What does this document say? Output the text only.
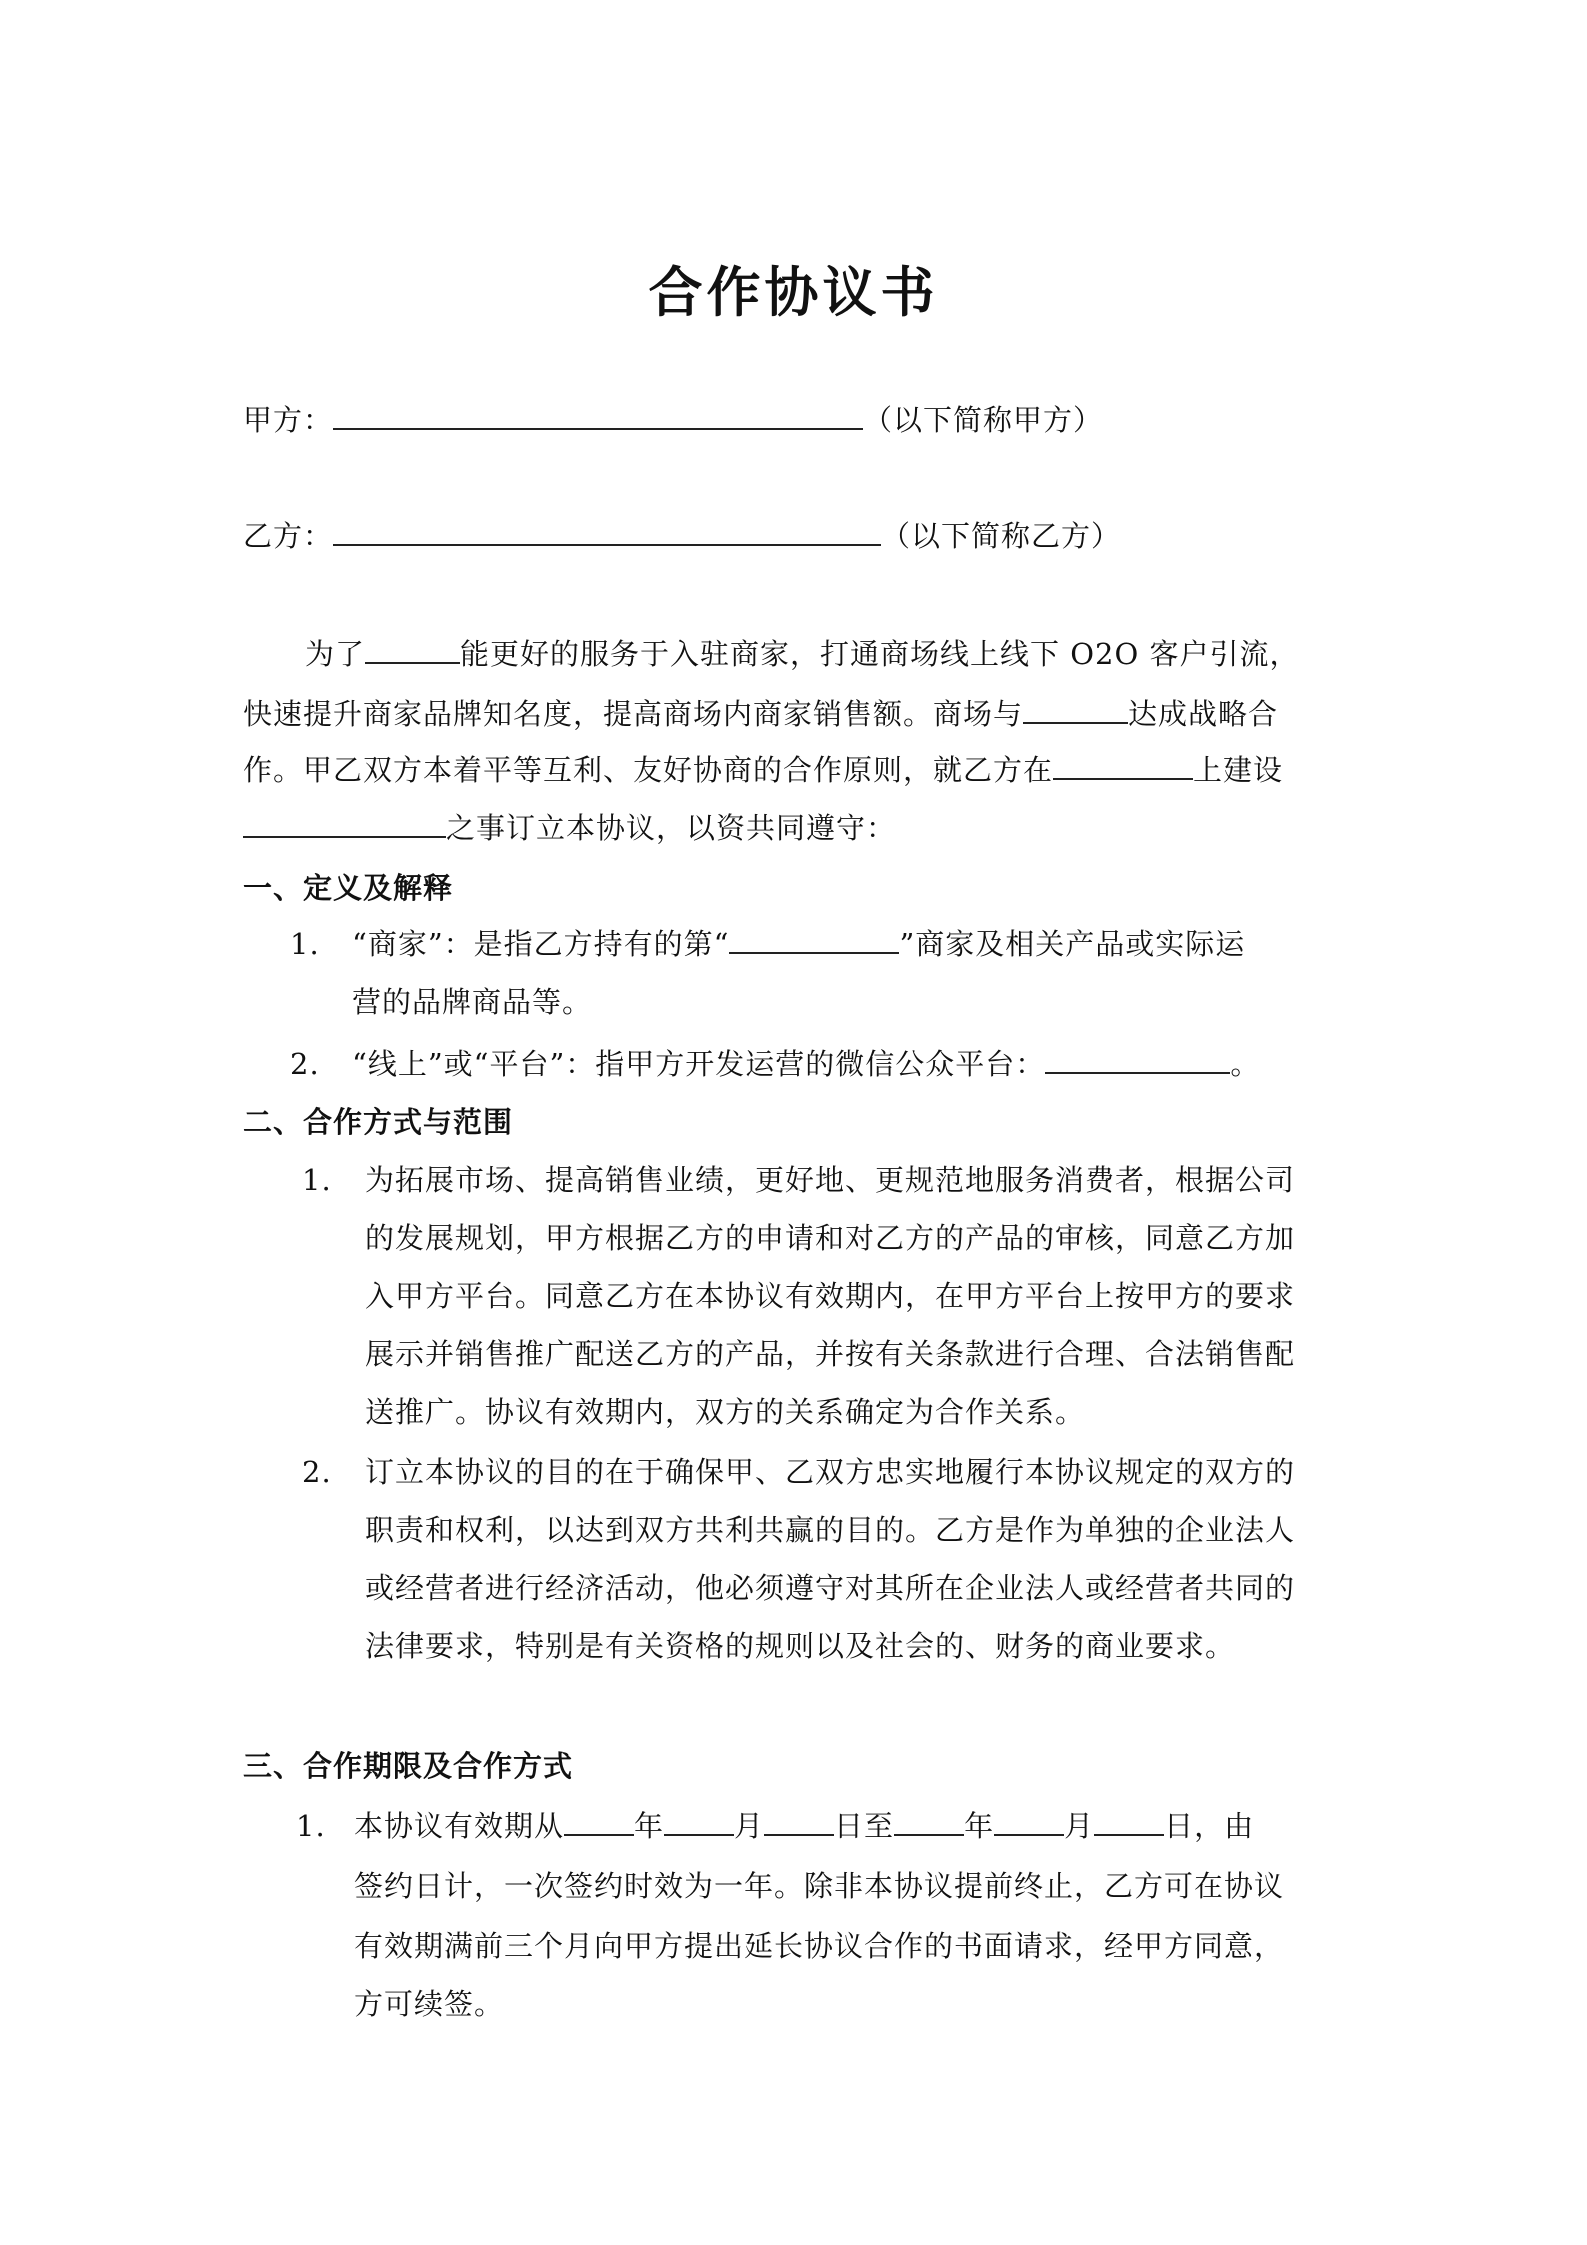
合作协议书
甲方：	（以下简称甲方）
乙方：	（以下简称乙方）
为了	能更好的服务于入驻商家，打通商场线上线下 O2O 客户引流，
快速提升商家品牌知名度，提高商场内商家销售额。商场与	达成战略合
作。甲乙双方本着平等互利、友好协商的合作原则，就乙方在	上建设
之事订立本协议，以资共同遵守：
一、定义及解释
1. “商家”：是指乙方持有的第“	”商家及相关产品或实际运
营的品牌商品等。
2. “线上”或“平台”：指甲方开发运营的微信公众平台：	。
二、合作方式与范围
1. 为拓展市场、提高销售业绩，更好地、更规范地服务消费者，根据公司
的发展规划，甲方根据乙方的申请和对乙方的产品的审核，同意乙方加
入甲方平台。同意乙方在本协议有效期内，在甲方平台上按甲方的要求
展示并销售推广配送乙方的产品，并按有关条款进行合理、合法销售配
送推广。协议有效期内，双方的关系确定为合作关系。
2. 订立本协议的目的在于确保甲、乙双方忠实地履行本协议规定的双方的
职责和权利，以达到双方共利共赢的目的。乙方是作为单独的企业法人
或经营者进行经济活动，他必须遵守对其所在企业法人或经营者共同的
法律要求，特别是有关资格的规则以及社会的、财务的商业要求。
三、合作期限及合作方式
1. 本协议有效期从 年 月 日至 年 月 日，由
签约日计，一次签约时效为一年。除非本协议提前终止，乙方可在协议
有效期满前三个月向甲方提出延长协议合作的书面请求，经甲方同意，
方可续签。
